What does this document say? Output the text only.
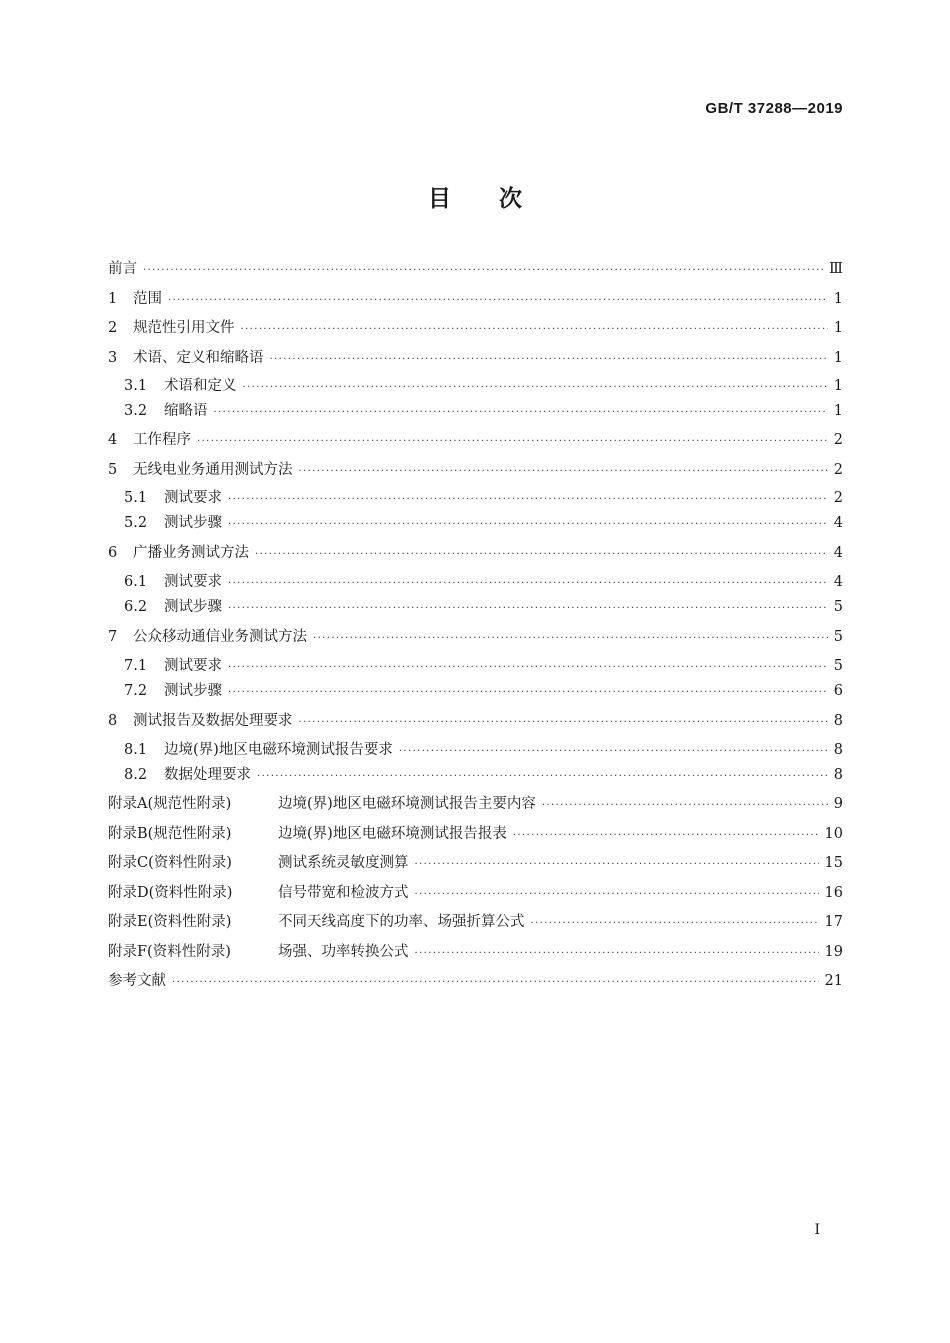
GB/T 37288—2019
目次
前言 ·····	Ⅲ
1	范围 ·····	1
2	规范性引用文件 ·····	1
3	术语、定义和缩略语 ·····	1
3.1	术语和定义 ·····	1
3.2	缩略语 ·····	1
4	工作程序 ·····	2
5	无线电业务通用测试方法 ·····	2
5.1	测试要求 ·····	2
5.2	测试步骤 ·····	4
6	广播业务测试方法 ·····	4
6.1	测试要求 ·····	4
6.2	测试步骤 ·····	5
7	公众移动通信业务测试方法 ·····	5
7.1	测试要求 ·····	5
7.2	测试步骤 ·····	6
8	测试报告及数据处理要求 ·····	8
8.1	边境(界)地区电磁环境测试报告要求 ·····	8
8.2	数据处理要求 ·····	8
附录A(规范性附录)	边境(界)地区电磁环境测试报告主要内容 ·····	9
附录B(规范性附录)	边境(界)地区电磁环境测试报告报表 ·····	10
附录C(资料性附录)	测试系统灵敏度测算 ·····	15
附录D(资料性附录)	信号带宽和检波方式 ·····	16
附录E(资料性附录)	不同天线高度下的功率、场强折算公式 ·····	17
附录F(资料性附录)	场强、功率转换公式 ·····	19
参考文献 ·····	21
Ⅰ
